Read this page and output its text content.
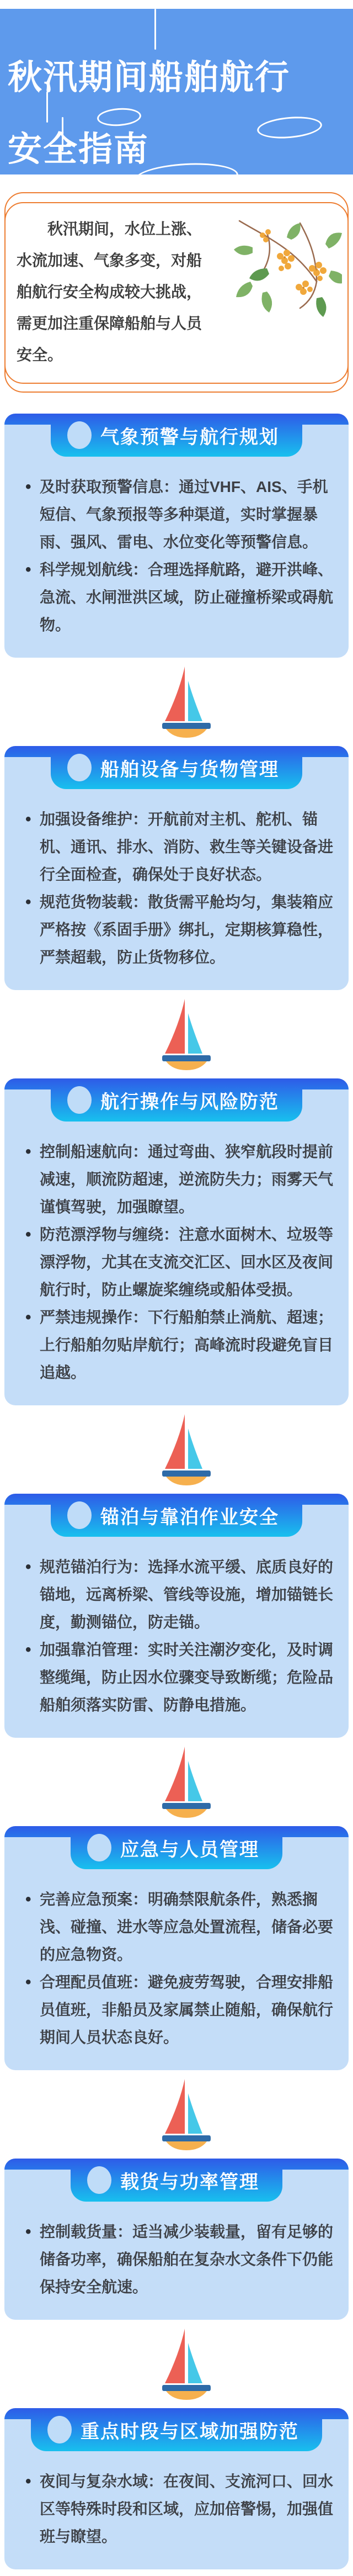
秋汛期间船舶航行
安全指南

秋汛期间，水位上涨、水流加速、气象多变，对船舶航行安全构成较大挑战，需更加注重保障船舶与人员安全。

气象预警与航行规划
• 及时获取预警信息：通过VHF、AIS、手机短信、气象预报等多种渠道，实时掌握暴雨、强风、雷电、水位变化等预警信息。
• 科学规划航线：合理选择航路，避开洪峰、急流、水闸泄洪区域，防止碰撞桥梁或碍航物。
船舶设备与货物管理
• 加强设备维护：开航前对主机、舵机、锚机、通讯、排水、消防、救生等关键设备进行全面检查，确保处于良好状态。
• 规范货物装载：散货需平舱均匀，集装箱应严格按《系固手册》绑扎，定期核算稳性，严禁超载，防止货物移位。
航行操作与风险防范
• 控制船速航向：通过弯曲、狭窄航段时提前减速，顺流防超速，逆流防失力；雨雾天气谨慎驾驶，加强瞭望。
• 防范漂浮物与缠绕：注意水面树木、垃圾等漂浮物，尤其在支流交汇区、回水区及夜间航行时，防止螺旋桨缠绕或船体受损。
• 严禁违规操作：下行船舶禁止淌航、超速；上行船舶勿贴岸航行；高峰流时段避免盲目追越。
锚泊与靠泊作业安全
• 规范锚泊行为：选择水流平缓、底质良好的锚地，远离桥梁、管线等设施，增加锚链长度，勤测锚位，防走锚。
• 加强靠泊管理：实时关注潮汐变化，及时调整缆绳，防止因水位骤变导致断缆；危险品船舶须落实防雷、防静电措施。
应急与人员管理
• 完善应急预案：明确禁限航条件，熟悉搁浅、碰撞、进水等应急处置流程，储备必要的应急物资。
• 合理配员值班：避免疲劳驾驶，合理安排船员值班，非船员及家属禁止随船，确保航行期间人员状态良好。
载货与功率管理
• 控制载货量：适当减少装载量，留有足够的储备功率，确保船舶在复杂水文条件下仍能保持安全航速。
重点时段与区域加强防范
• 夜间与复杂水域：在夜间、支流河口、回水区等特殊时段和区域，应加倍警惕，加强值班与瞭望。
